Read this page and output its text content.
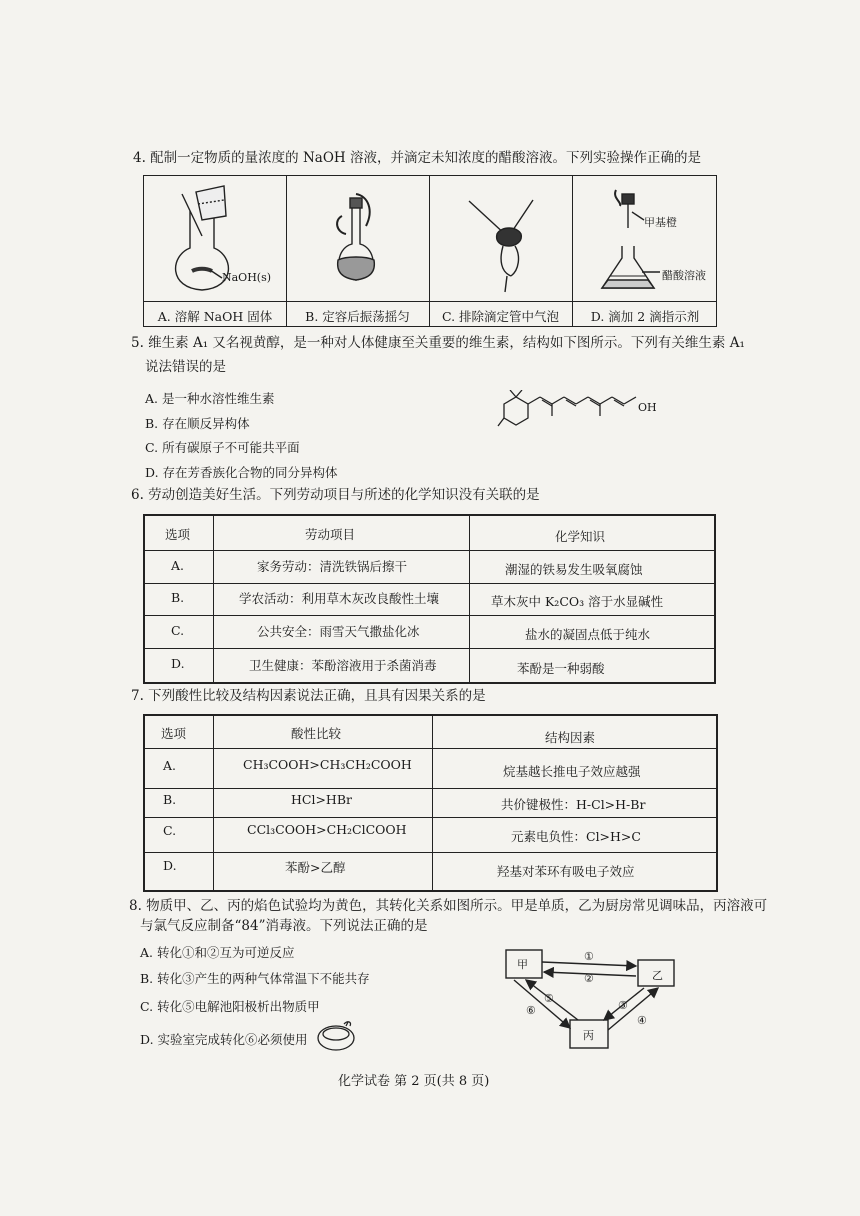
4. 配制一定物质的量浓度的 NaOH 溶液，并滴定未知浓度的醋酸溶液。下列实验操作正确的是
NaOH(s)
甲基橙
醋酸溶液
A. 溶解 NaOH 固体	B. 定容后振荡摇匀	C. 排除滴定管中气泡	D. 滴加 2 滴指示剂
5. 维生素 A₁ 又名视黄醇，是一种对人体健康至关重要的维生素，结构如下图所示。下列有关维生素 A₁
说法错误的是
A. 是一种水溶性维生素
B. 存在顺反异构体
C. 所有碳原子不可能共平面
D. 存在芳香族化合物的同分异构体
OH
6. 劳动创造美好生活。下列劳动项目与所述的化学知识没有关联的是
选项	劳动项目	化学知识
A.	家务劳动：清洗铁锅后擦干	潮湿的铁易发生吸氧腐蚀
B.	学农活动：利用草木灰改良酸性土壤	草木灰中 K₂CO₃ 溶于水显碱性
C.	公共安全：雨雪天气撒盐化冰	盐水的凝固点低于纯水
D.	卫生健康：苯酚溶液用于杀菌消毒	苯酚是一种弱酸
7. 下列酸性比较及结构因素说法正确，且具有因果关系的是
选项	酸性比较	结构因素
A.	CH₃COOH>CH₃CH₂COOH	烷基越长推电子效应越强
B.	HCl>HBr	共价键极性：H-Cl>H-Br
C.	CCl₃COOH>CH₂ClCOOH	元素电负性：Cl>H>C
D.	苯酚>乙醇	羟基对苯环有吸电子效应
8. 物质甲、乙、丙的焰色试验均为黄色，其转化关系如图所示。甲是单质，乙为厨房常见调味品，丙溶液可
与氯气反应制备“84”消毒液。下列说法正确的是
A. 转化①和②互为可逆反应
B. 转化③产生的两种气体常温下不能共存
C. 转化⑤电解池阳极析出物质甲
D. 实验室完成转化⑥必须使用
甲
乙
丙
①
②
③
④
⑤
⑥
化学试卷 第 2 页(共 8 页)
